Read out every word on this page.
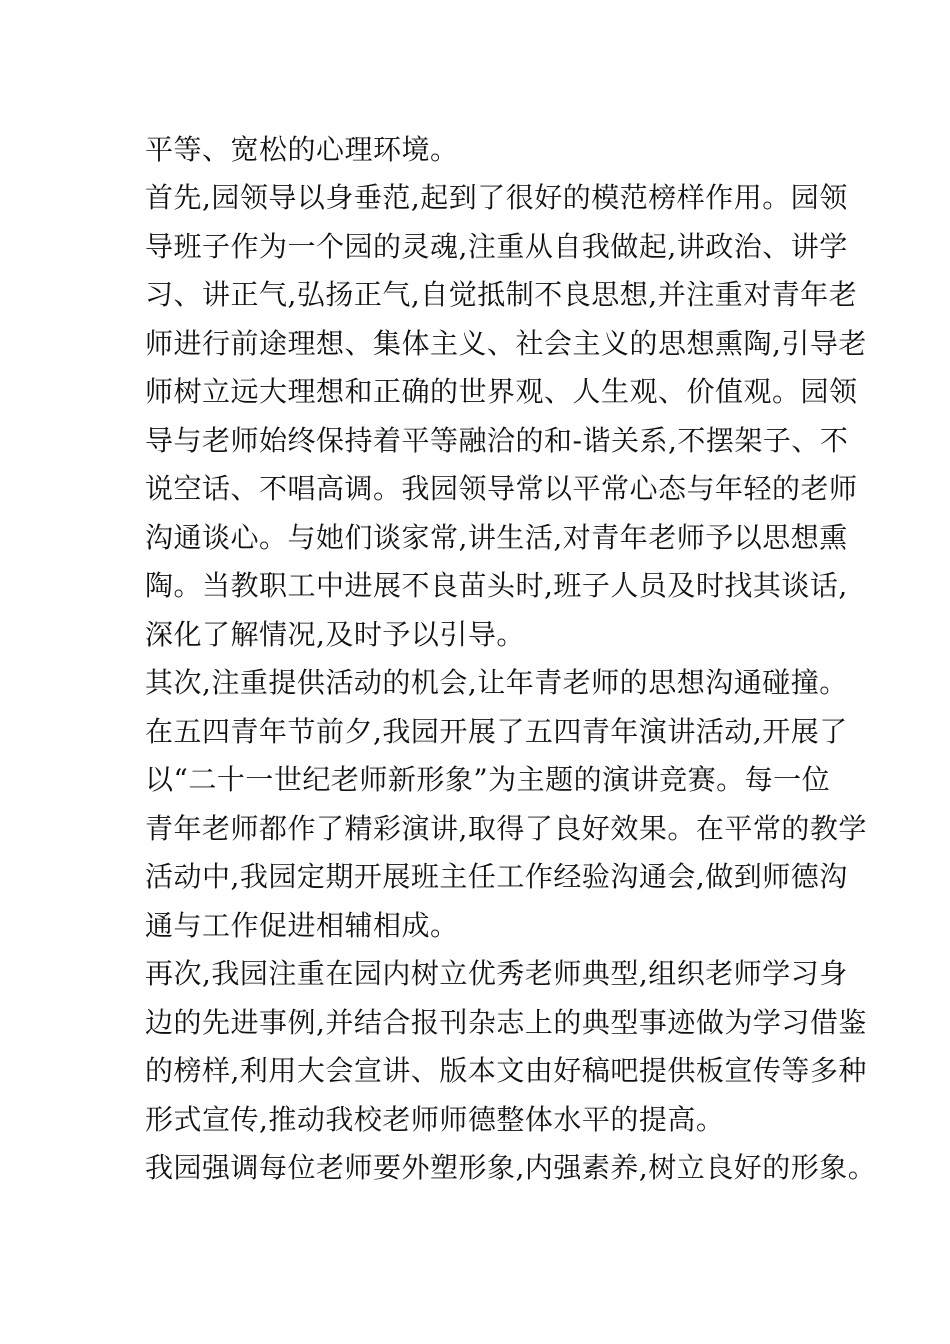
平等、宽松的心理环境。
首先,园领导以身垂范,起到了很好的模范榜样作用。园领
导班子作为一个园的灵魂,注重从自我做起,讲政治、讲学
习、讲正气,弘扬正气,自觉抵制不良思想,并注重对青年老
师进行前途理想、集体主义、社会主义的思想熏陶,引导老
师树立远大理想和正确的世界观、人生观、价值观。园领
导与老师始终保持着平等融洽的和-谐关系,不摆架子、不
说空话、不唱高调。我园领导常以平常心态与年轻的老师
沟通谈心。与她们谈家常,讲生活,对青年老师予以思想熏
陶。当教职工中进展不良苗头时,班子人员及时找其谈话,
深化了解情况,及时予以引导。
其次,注重提供活动的机会,让年青老师的思想沟通碰撞。
在五四青年节前夕,我园开展了五四青年演讲活动,开展了
以“二十一世纪老师新形象”为主题的演讲竞赛。每一位
青年老师都作了精彩演讲,取得了良好效果。在平常的教学
活动中,我园定期开展班主任工作经验沟通会,做到师德沟
通与工作促进相辅相成。
再次,我园注重在园内树立优秀老师典型,组织老师学习身
边的先进事例,并结合报刊杂志上的典型事迹做为学习借鉴
的榜样,利用大会宣讲、版本文由好稿吧提供板宣传等多种
形式宣传,推动我校老师师德整体水平的提高。
我园强调每位老师要外塑形象,内强素养,树立良好的形象。
